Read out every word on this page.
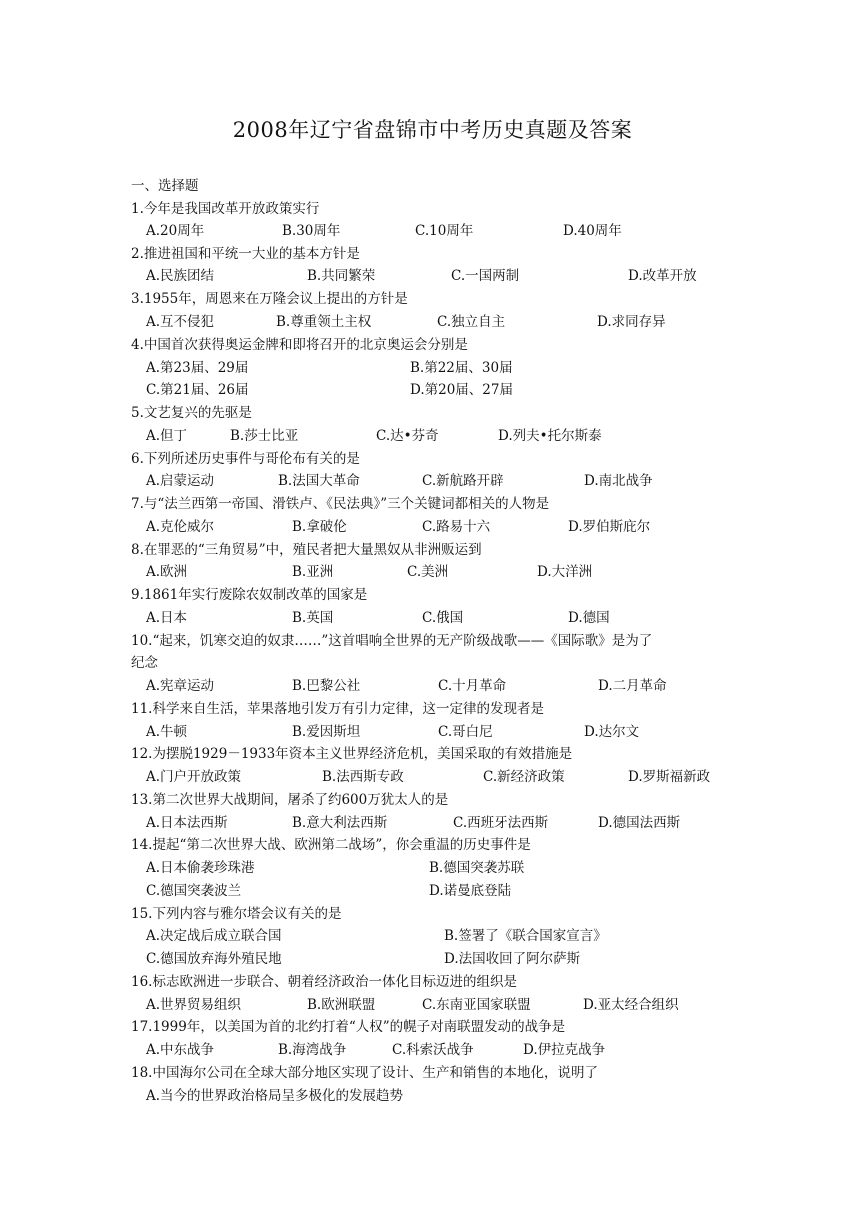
2008年辽宁省盘锦市中考历史真题及答案
一、选择题
1.今年是我国改革开放政策实行
A.20周年	B.30周年	C.10周年	D.40周年
2.推进祖国和平统一大业的基本方针是
A.民族团结	B.共同繁荣	C.一国两制	D.改革开放
3.1955年，周恩来在万隆会议上提出的方针是
A.互不侵犯	B.尊重领土主权	C.独立自主	D.求同存异
4.中国首次获得奥运金牌和即将召开的北京奥运会分别是
A.第23届、29届	B.第22届、30届
C.第21届、26届	D.第20届、27届
5.文艺复兴的先驱是
A.但丁	B.莎士比亚	C.达•芬奇	D.列夫•托尔斯泰
6.下列所述历史事件与哥伦布有关的是
A.启蒙运动	B.法国大革命	C.新航路开辟	D.南北战争
7.与“法兰西第一帝国、滑铁卢、《民法典》”三个关键词都相关的人物是
A.克伦威尔	B.拿破伦	C.路易十六	D.罗伯斯庇尔
8.在罪恶的“三角贸易”中，殖民者把大量黑奴从非洲贩运到
A.欧洲	B.亚洲	C.美洲	D.大洋洲
9.1861年实行废除农奴制改革的国家是
A.日本	B.英国	C.俄国	D.德国
10.“起来，饥寒交迫的奴隶……”这首唱响全世界的无产阶级战歌——《国际歌》是为了
纪念
A.宪章运动	B.巴黎公社	C.十月革命	D.二月革命
11.科学来自生活，苹果落地引发万有引力定律，这一定律的发现者是
A.牛顿	B.爱因斯坦	C.哥白尼	D.达尔文
12.为摆脱1929－1933年资本主义世界经济危机，美国采取的有效措施是
A.门户开放政策	B.法西斯专政	C.新经济政策	D.罗斯福新政
13.第二次世界大战期间，屠杀了约600万犹太人的是
A.日本法西斯	B.意大利法西斯	C.西班牙法西斯	D.德国法西斯
14.提起“第二次世界大战、欧洲第二战场”，你会重温的历史事件是
A.日本偷袭珍珠港	B.德国突袭苏联
C.德国突袭波兰	D.诺曼底登陆
15.下列内容与雅尔塔会议有关的是
A.决定战后成立联合国	B.签署了《联合国家宣言》
C.德国放弃海外殖民地	D.法国收回了阿尔萨斯
16.标志欧洲进一步联合、朝着经济政治一体化目标迈进的组织是
A.世界贸易组织	B.欧洲联盟	C.东南亚国家联盟	D.亚太经合组织
17.1999年，以美国为首的北约打着“人权”的幌子对南联盟发动的战争是
A.中东战争	B.海湾战争	C.科索沃战争	D.伊拉克战争
18.中国海尔公司在全球大部分地区实现了设计、生产和销售的本地化，说明了
A.当今的世界政治格局呈多极化的发展趋势
